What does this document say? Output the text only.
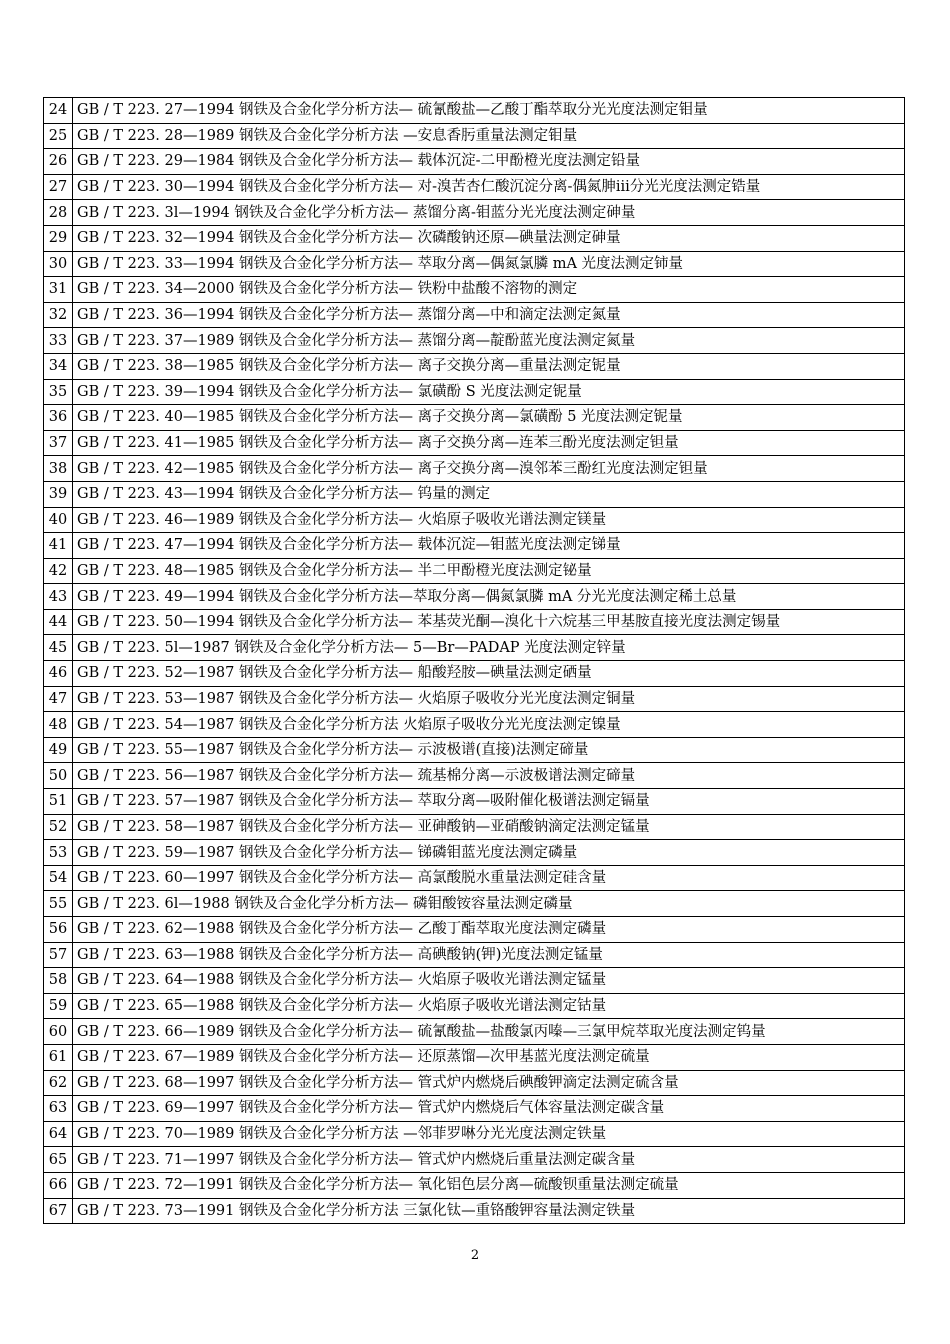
24	GB / T 223. 27—1994 钢铁及合金化学分析方法— 硫氰酸盐—乙酸丁酯萃取分光光度法测定钼量
25	GB / T 223. 28—1989 钢铁及合金化学分析方法 —安息香肟重量法测定钼量
26	GB / T 223. 29—1984 钢铁及合金化学分析方法— 载体沉淀-二甲酚橙光度法测定铅量
27	GB / T 223. 30—1994 钢铁及合金化学分析方法— 对-溴苦杏仁酸沉淀分离-偶氮胂ⅲ分光光度法测定锆量
28	GB / T 223. 3l—1994 钢铁及合金化学分析方法— 蒸馏分离-钼蓝分光光度法测定砷量
29	GB / T 223. 32—1994 钢铁及合金化学分析方法— 次磷酸钠还原—碘量法测定砷量
30	GB / T 223. 33—1994 钢铁及合金化学分析方法— 萃取分离—偶氮氯膦 mA 光度法测定铈量
31	GB / T 223. 34—2000 钢铁及合金化学分析方法— 铁粉中盐酸不溶物的测定
32	GB / T 223. 36—1994 钢铁及合金化学分析方法— 蒸馏分离—中和滴定法测定氮量
33	GB / T 223. 37—1989 钢铁及合金化学分析方法— 蒸馏分离—靛酚蓝光度法测定氮量
34	GB / T 223. 38—1985 钢铁及合金化学分析方法— 离子交换分离—重量法测定铌量
35	GB / T 223. 39—1994 钢铁及合金化学分析方法— 氯磺酚 S 光度法测定铌量
36	GB / T 223. 40—1985 钢铁及合金化学分析方法— 离子交换分离—氯磺酚 5 光度法测定铌量
37	GB / T 223. 41—1985 钢铁及合金化学分析方法— 离子交换分离—连苯三酚光度法测定钽量
38	GB / T 223. 42—1985 钢铁及合金化学分析方法— 离子交换分离—溴邻苯三酚红光度法测定钽量
39	GB / T 223. 43—1994 钢铁及合金化学分析方法— 钨量的测定
40	GB / T 223. 46—1989 钢铁及合金化学分析方法— 火焰原子吸收光谱法测定镁量
41	GB / T 223. 47—1994 钢铁及合金化学分析方法— 载体沉淀—钼蓝光度法测定锑量
42	GB / T 223. 48—1985 钢铁及合金化学分析方法— 半二甲酚橙光度法测定铋量
43	GB / T 223. 49—1994 钢铁及合金化学分析方法—萃取分离—偶氮氯膦 mA 分光光度法测定稀土总量
44	GB / T 223. 50—1994 钢铁及合金化学分析方法— 苯基荧光酮—溴化十六烷基三甲基胺直接光度法测定锡量
45	GB / T 223. 5l—1987 钢铁及合金化学分析方法— 5—Br—PADAP 光度法测定锌量
46	GB / T 223. 52—1987 钢铁及合金化学分析方法— 船酸羟胺—碘量法测定硒量
47	GB / T 223. 53—1987 钢铁及合金化学分析方法— 火焰原子吸收分光光度法测定铜量
48	GB / T 223. 54—1987 钢铁及合金化学分析方法 火焰原子吸收分光光度法测定镍量
49	GB / T 223. 55—1987 钢铁及合金化学分析方法— 示波极谱(直接)法测定碲量
50	GB / T 223. 56—1987 钢铁及合金化学分析方法— 巯基棉分离—示波极谱法测定碲量
51	GB / T 223. 57—1987 钢铁及合金化学分析方法— 萃取分离—吸附催化极谱法测定镉量
52	GB / T 223. 58—1987 钢铁及合金化学分析方法— 亚砷酸钠—亚硝酸钠滴定法测定锰量
53	GB / T 223. 59—1987 钢铁及合金化学分析方法— 锑磷钼蓝光度法测定磷量
54	GB / T 223. 60—1997 钢铁及合金化学分析方法— 高氯酸脱水重量法测定硅含量
55	GB / T 223. 6l—1988 钢铁及合金化学分析方法— 磷钼酸铵容量法测定磷量
56	GB / T 223. 62—1988 钢铁及合金化学分析方法— 乙酸丁酯萃取光度法测定磷量
57	GB / T 223. 63—1988 钢铁及合金化学分析方法— 高碘酸钠(钾)光度法测定锰量
58	GB / T 223. 64—1988 钢铁及合金化学分析方法— 火焰原子吸收光谱法测定锰量
59	GB / T 223. 65—1988 钢铁及合金化学分析方法— 火焰原子吸收光谱法测定钴量
60	GB / T 223. 66—1989 钢铁及合金化学分析方法— 硫氰酸盐—盐酸氯丙嗪—三氯甲烷萃取光度法测定钨量
61	GB / T 223. 67—1989 钢铁及合金化学分析方法— 还原蒸馏—次甲基蓝光度法测定硫量
62	GB / T 223. 68—1997 钢铁及合金化学分析方法— 管式炉内燃烧后碘酸钾滴定法测定硫含量
63	GB / T 223. 69—1997 钢铁及合金化学分析方法— 管式炉内燃烧后气体容量法测定碳含量
64	GB / T 223. 70—1989 钢铁及合金化学分析方法 —邻菲罗啉分光光度法测定铁量
65	GB / T 223. 71—1997 钢铁及合金化学分析方法— 管式炉内燃烧后重量法测定碳含量
66	GB / T 223. 72—1991 钢铁及合金化学分析方法— 氧化铝色层分离—硫酸钡重量法测定硫量
67	GB / T 223. 73—1991 钢铁及合金化学分析方法 三氯化钛—重铬酸钾容量法测定铁量
2
